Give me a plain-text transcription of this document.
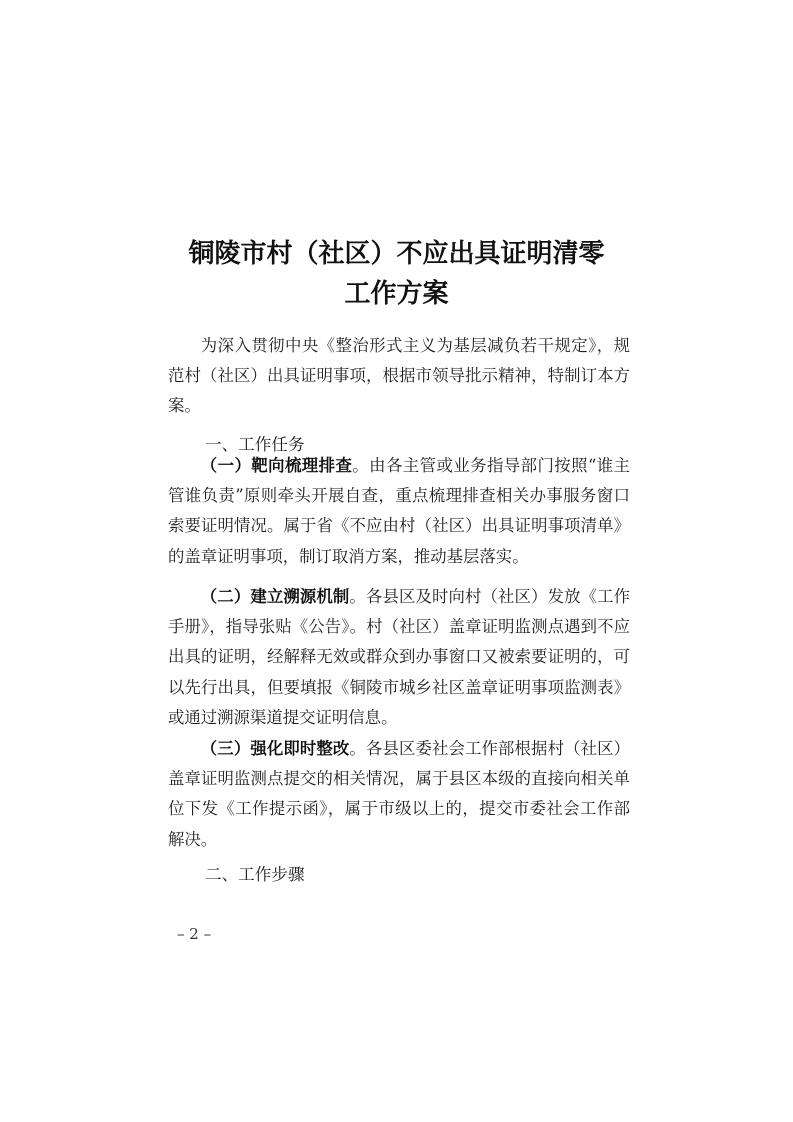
铜陵市村（社区）不应出具证明清零
工作方案
为深入贯彻中央《整治形式主义为基层减负若干规定》，规范村（社区）出具证明事项，根据市领导批示精神，特制订本方案。
一、工作任务
（一）靶向梳理排查。由各主管或业务指导部门按照“谁主管谁负责”原则牵头开展自查，重点梳理排查相关办事服务窗口索要证明情况。属于省《不应由村（社区）出具证明事项清单》的盖章证明事项，制订取消方案，推动基层落实。
（二）建立溯源机制。各县区及时向村（社区）发放《工作手册》，指导张贴《公告》。村（社区）盖章证明监测点遇到不应出具的证明，经解释无效或群众到办事窗口又被索要证明的，可以先行出具，但要填报《铜陵市城乡社区盖章证明事项监测表》或通过溯源渠道提交证明信息。
（三）强化即时整改。各县区委社会工作部根据村（社区）盖章证明监测点提交的相关情况，属于县区本级的直接向相关单位下发《工作提示函》，属于市级以上的，提交市委社会工作部解决。
二、工作步骤
– 2 –
